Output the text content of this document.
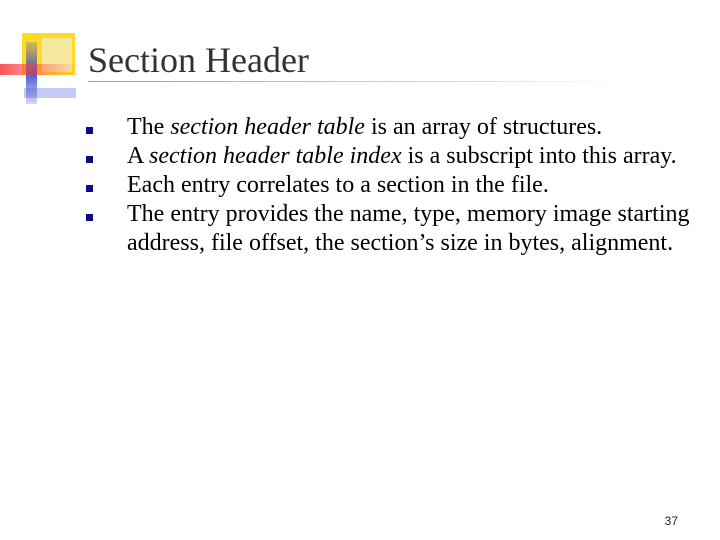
Section Header
The section header table is an array of structures.
A section header table index is a subscript into this array.
Each entry correlates to a section in the file.
The entry provides the name, type, memory image starting address, file offset, the section’s size in bytes, alignment.
37
